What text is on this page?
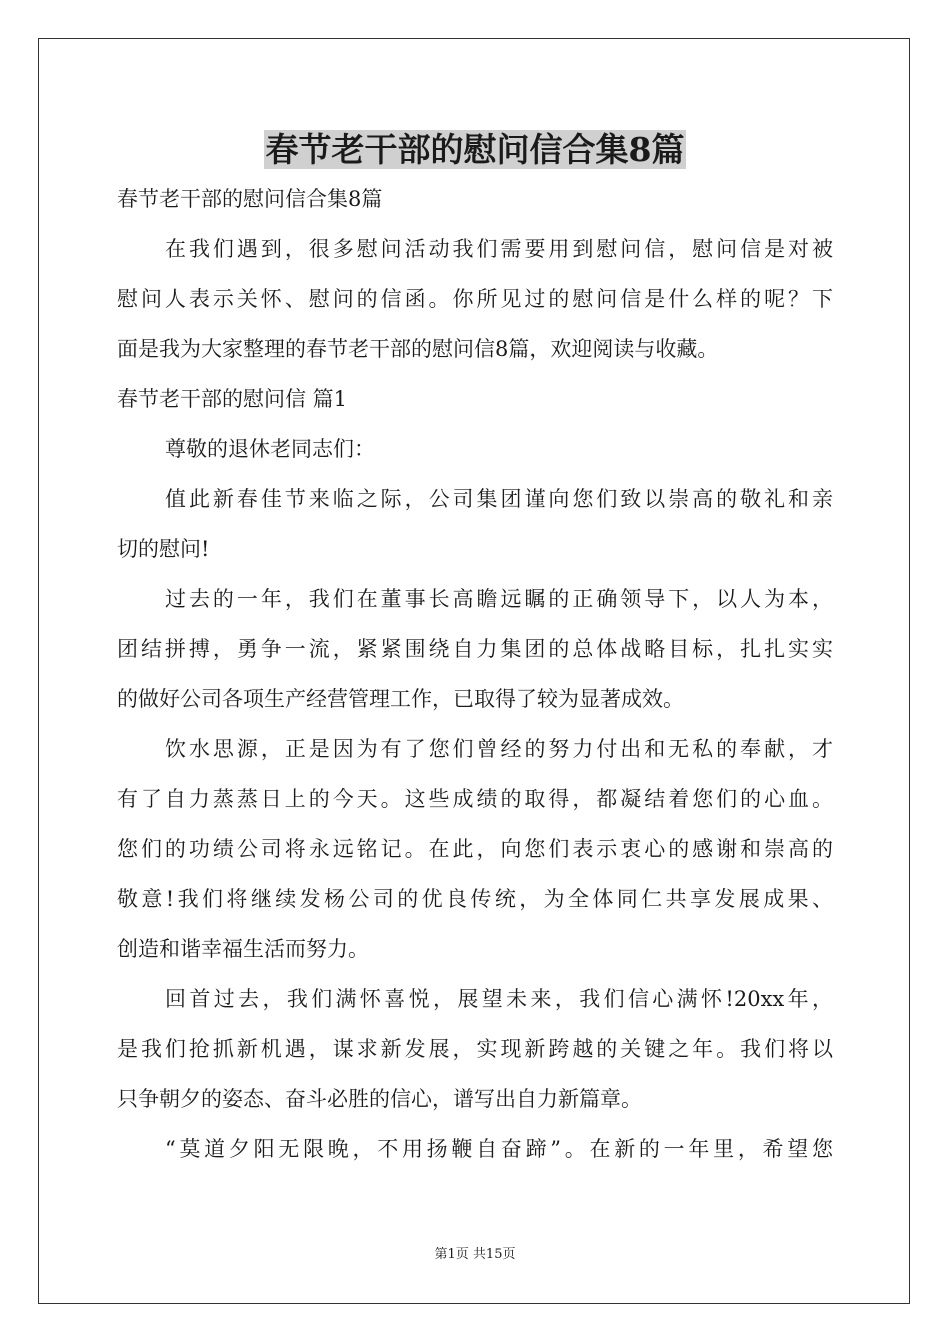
春节老干部的慰问信合集8篇
春节老干部的慰问信合集8篇
在我们遇到，很多慰问活动我们需要用到慰问信，慰问信是对被
慰问人表示关怀、慰问的信函。你所见过的慰问信是什么样的呢？下
面是我为大家整理的春节老干部的慰问信8篇，欢迎阅读与收藏。
春节老干部的慰问信 篇1
尊敬的退休老同志们：
值此新春佳节来临之际，公司集团谨向您们致以崇高的敬礼和亲
切的慰问!
过去的一年，我们在董事长高瞻远瞩的正确领导下，以人为本，
团结拼搏，勇争一流，紧紧围绕自力集团的总体战略目标，扎扎实实
的做好公司各项生产经营管理工作，已取得了较为显著成效。
饮水思源，正是因为有了您们曾经的努力付出和无私的奉献，才
有了自力蒸蒸日上的今天。这些成绩的取得，都凝结着您们的心血。
您们的功绩公司将永远铭记。在此，向您们表示衷心的感谢和崇高的
敬意!我们将继续发杨公司的优良传统，为全体同仁共享发展成果、
创造和谐幸福生活而努力。
回首过去，我们满怀喜悦，展望未来，我们信心满怀!20xx年，
是我们抢抓新机遇，谋求新发展，实现新跨越的关键之年。我们将以
只争朝夕的姿态、奋斗必胜的信心，谱写出自力新篇章。
“莫道夕阳无限晚，不用扬鞭自奋蹄”。在新的一年里，希望您
第1页 共15页
